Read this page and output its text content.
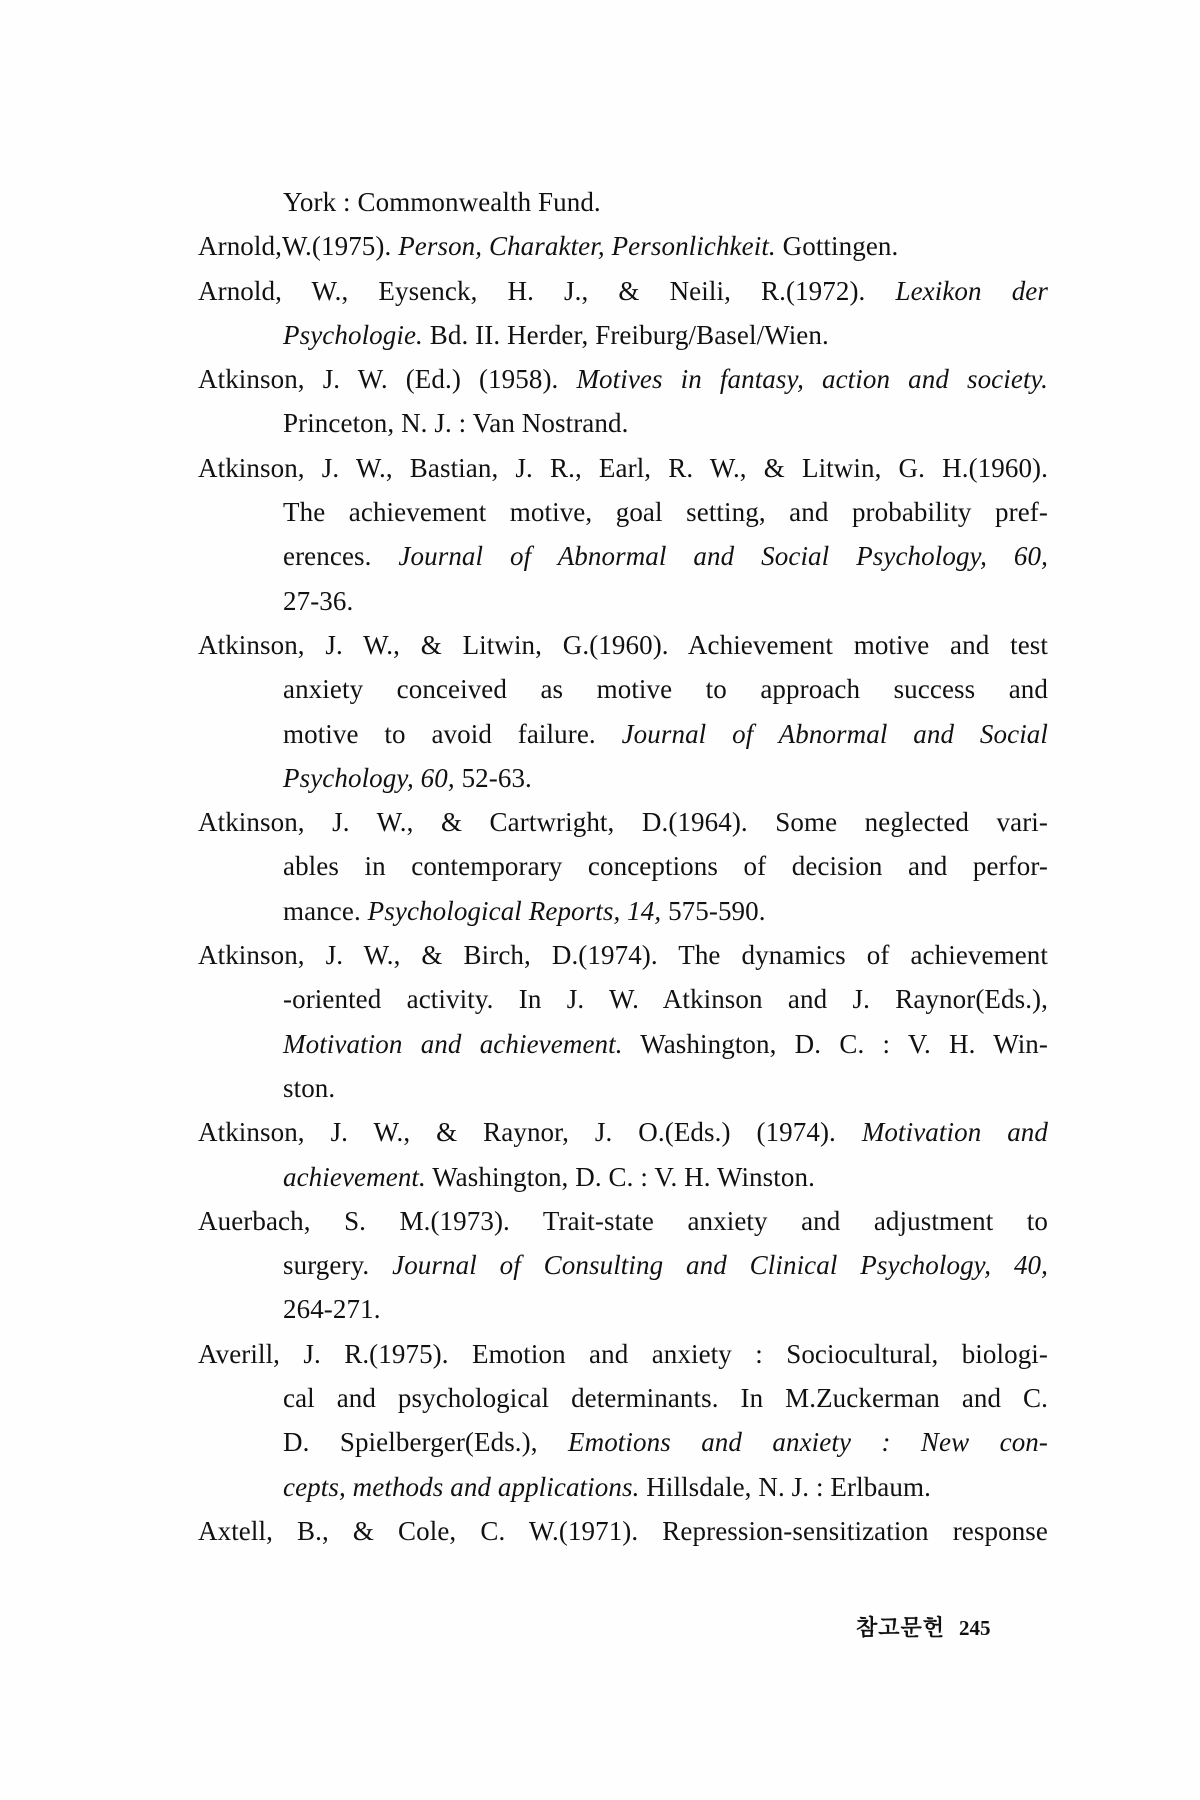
York : Commonwealth Fund.
Arnold,W.(1975). Person, Charakter, Personlichkeit. Gottingen.
Arnold, W., Eysenck, H. J., & Neili, R.(1972). Lexikon der
Psychologie. Bd. II. Herder, Freiburg/Basel/Wien.
Atkinson, J. W. (Ed.) (1958). Motives in fantasy, action and society.
Princeton, N. J. : Van Nostrand.
Atkinson, J. W., Bastian, J. R., Earl, R. W., & Litwin, G. H.(1960).
The achievement motive, goal setting, and probability pref-
erences. Journal of Abnormal and Social Psychology, 60,
27-36.
Atkinson, J. W., & Litwin, G.(1960). Achievement motive and test
anxiety conceived as motive to approach success and
motive to avoid failure. Journal of Abnormal and Social
Psychology, 60, 52-63.
Atkinson, J. W., & Cartwright, D.(1964). Some neglected vari-
ables in contemporary conceptions of decision and perfor-
mance. Psychological Reports, 14, 575-590.
Atkinson, J. W., & Birch, D.(1974). The dynamics of achievement
-oriented activity. In J. W. Atkinson and J. Raynor(Eds.),
Motivation and achievement. Washington, D. C. : V. H. Win-
ston.
Atkinson, J. W., & Raynor, J. O.(Eds.) (1974). Motivation and
achievement. Washington, D. C. : V. H. Winston.
Auerbach, S. M.(1973). Trait-state anxiety and adjustment to
surgery. Journal of Consulting and Clinical Psychology, 40,
264-271.
Averill, J. R.(1975). Emotion and anxiety : Sociocultural, biologi-
cal and psychological determinants. In M.Zuckerman and C.
D. Spielberger(Eds.), Emotions and anxiety : New con-
cepts, methods and applications. Hillsdale, N. J. : Erlbaum.
Axtell, B., & Cole, C. W.(1971). Repression-sensitization response
참고문헌 245
